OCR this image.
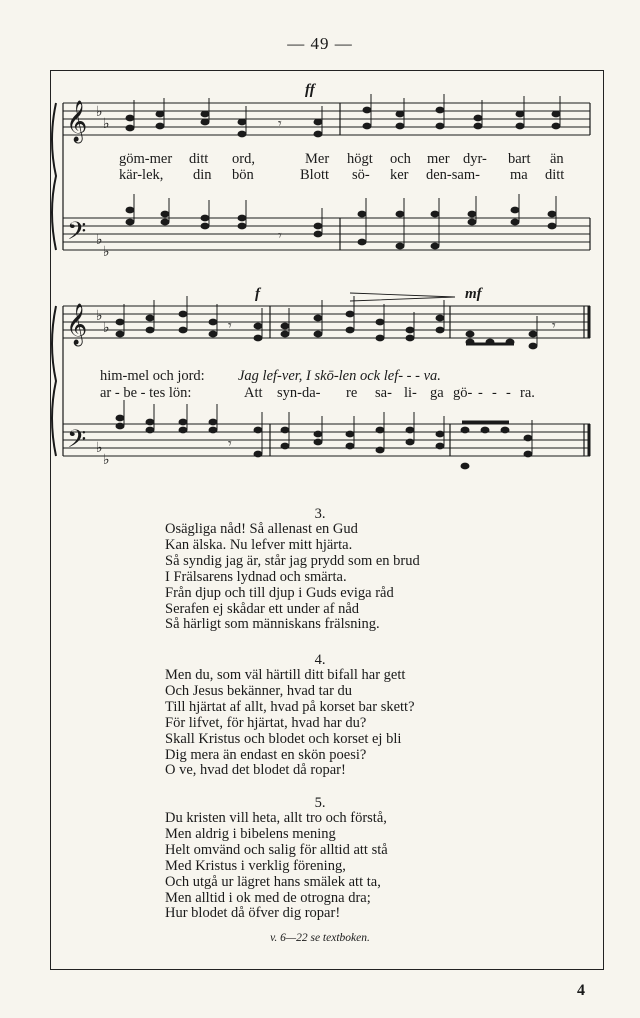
— 49 —
𝄞
𝄢
𝄞
𝄢
♭
♭
♭
♭
♭
♭
♭
♭
𝄾
𝄾
𝄾
𝄾
𝄾
ff
f	mf
göm-mer ditt ord,	Mer högt och mer dyr- bart än
kär-lek, din bön	Blott sö- ker den-sam- ma ditt
him-mel och jord: Jag lef-ver, I skō-len ock lef- - - va.
ar - be - tes lön:	Att syn-da- re sa- li- ga gö- - - - ra.
3.
Osägliga nåd! Så allenast en Gud
Kan älska. Nu lefver mitt hjärta.
Så syndig jag är, står jag prydd som en brud
I Frälsarens lydnad och smärta.
Från djup och till djup i Guds eviga råd
Serafen ej skådar ett under af nåd
Så härligt som människans frälsning.
4.
Men du, som väl härtill ditt bifall har gett
Och Jesus bekänner, hvad tar du
Till hjärtat af allt, hvad på korset bar skett?
För lifvet, för hjärtat, hvad har du?
Skall Kristus och blodet och korset ej bli
Dig mera än endast en skön poesi?
O ve, hvad det blodet då ropar!
5.
Du kristen vill heta, allt tro och förstå,
Men aldrig i bibelens mening
Helt omvänd och salig för alltid att stå
Med Kristus i verklig förening,
Och utgå ur lägret hans smälek att ta,
Men alltid i ok med de otrogna dra;
Hur blodet då öfver dig ropar!
v. 6—22 se textboken.
4
